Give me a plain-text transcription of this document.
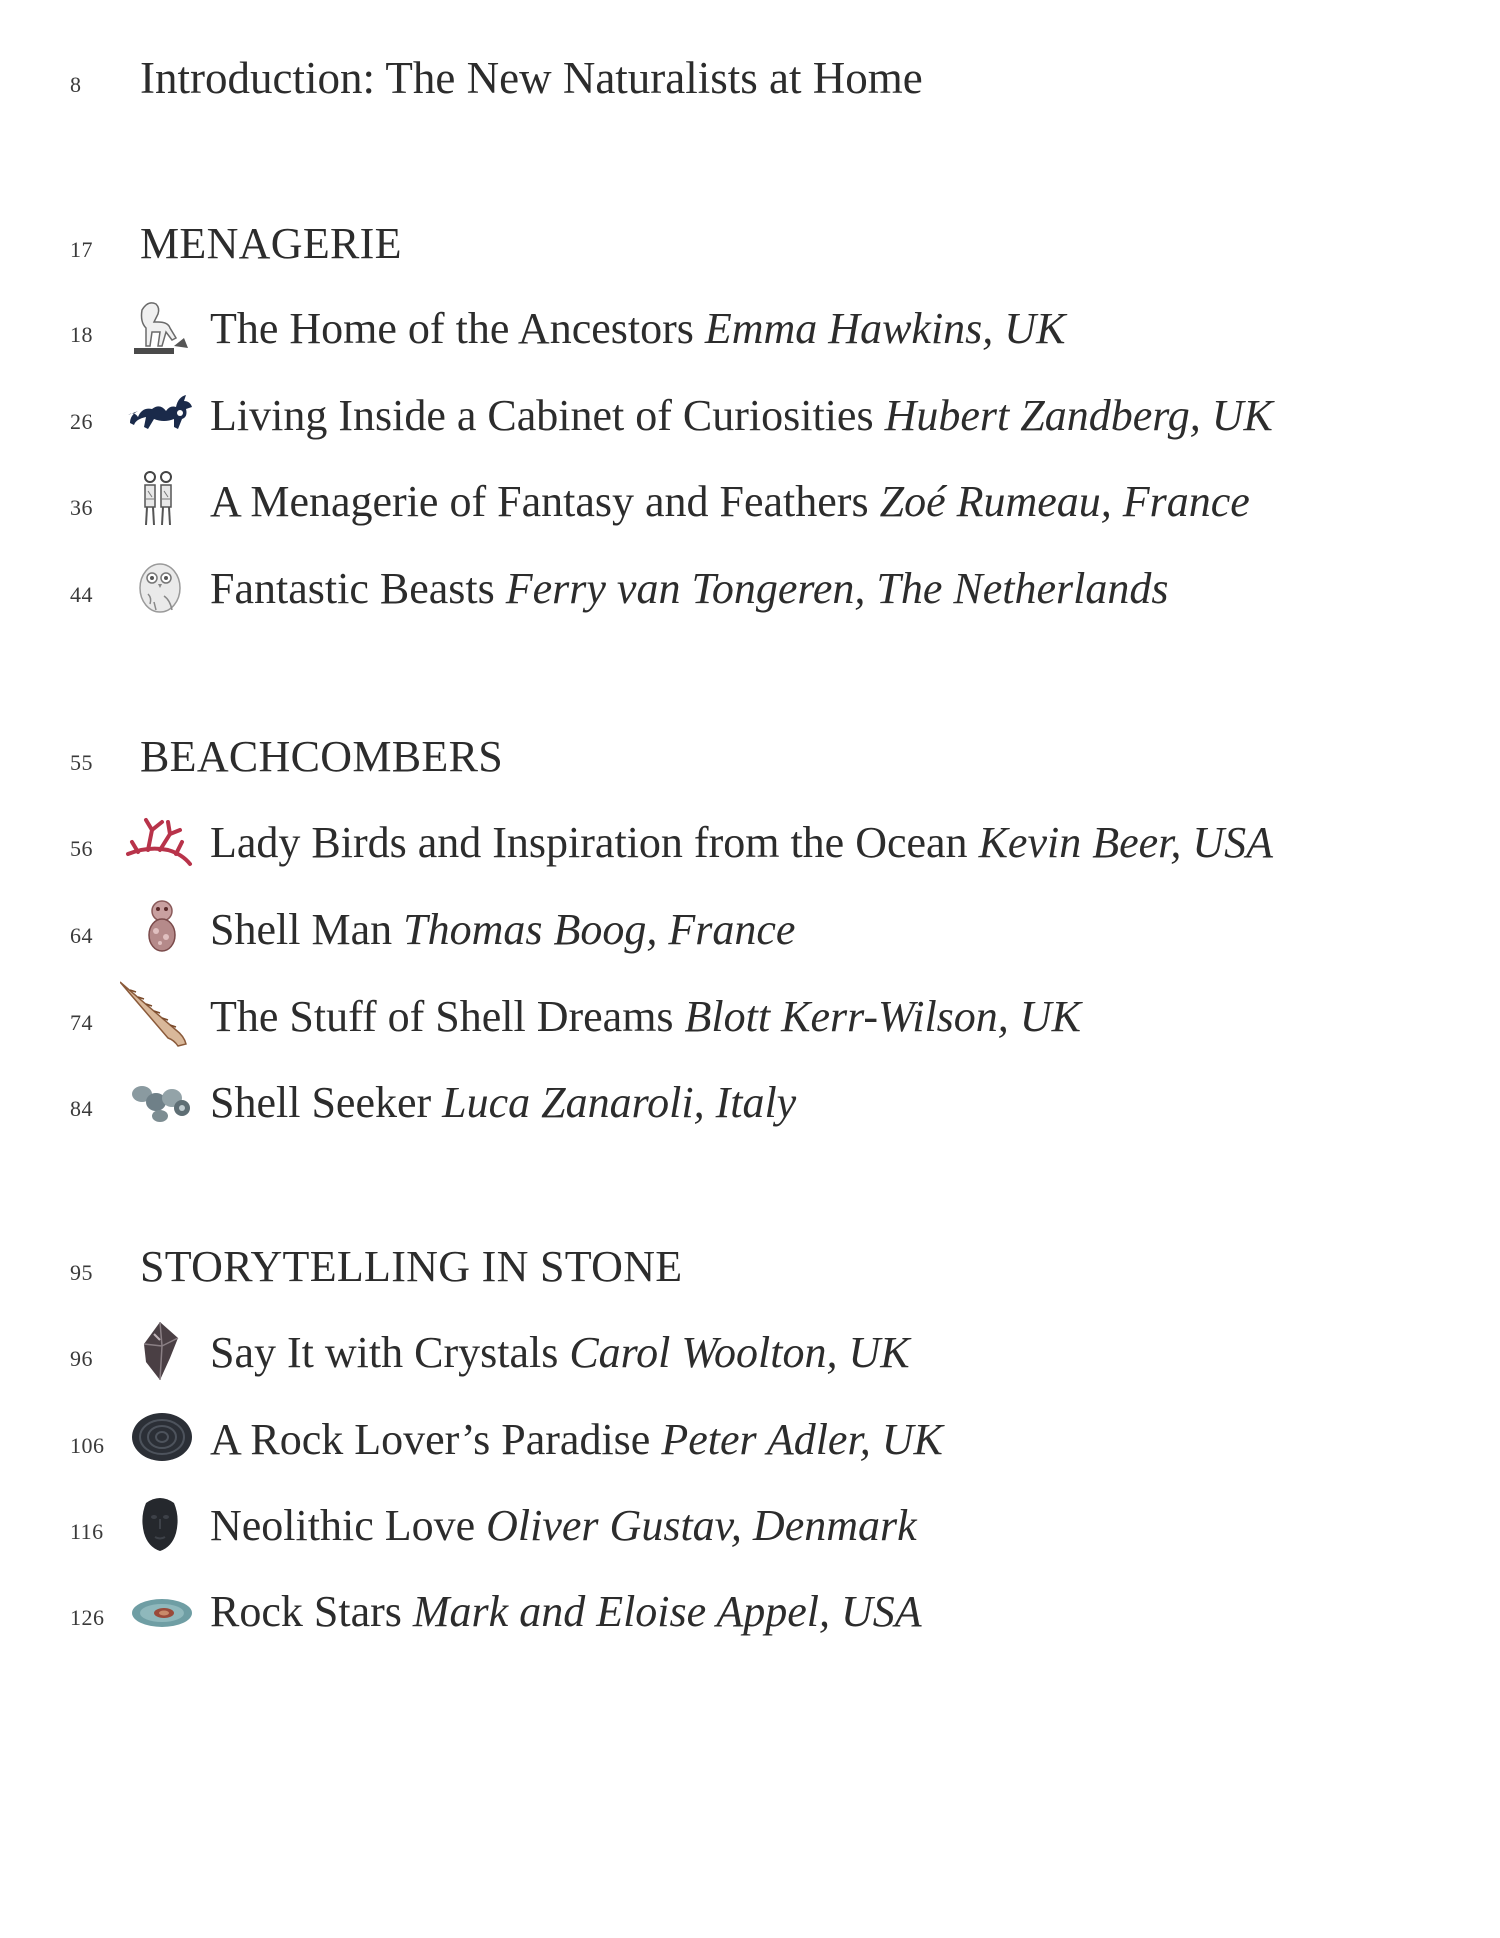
8	Introduction: The New Naturalists at Home
17	MENAGERIE
18	The Home of the Ancestors Emma Hawkins, UK
26	Living Inside a Cabinet of Curiosities Hubert Zandberg, UK
36	A Menagerie of Fantasy and Feathers Zoé Rumeau, France
44	Fantastic Beasts Ferry van Tongeren, The Netherlands
55	BEACHCOMBERS
56	Lady Birds and Inspiration from the Ocean Kevin Beer, USA
64	Shell Man Thomas Boog, France
74	The Stuff of Shell Dreams Blott Kerr-Wilson, UK
84	Shell Seeker Luca Zanaroli, Italy
95	STORYTELLING IN STONE
96	Say It with Crystals Carol Woolton, UK
106	A Rock Lover’s Paradise Peter Adler, UK
116	Neolithic Love Oliver Gustav, Denmark
126	Rock Stars Mark and Eloise Appel, USA
